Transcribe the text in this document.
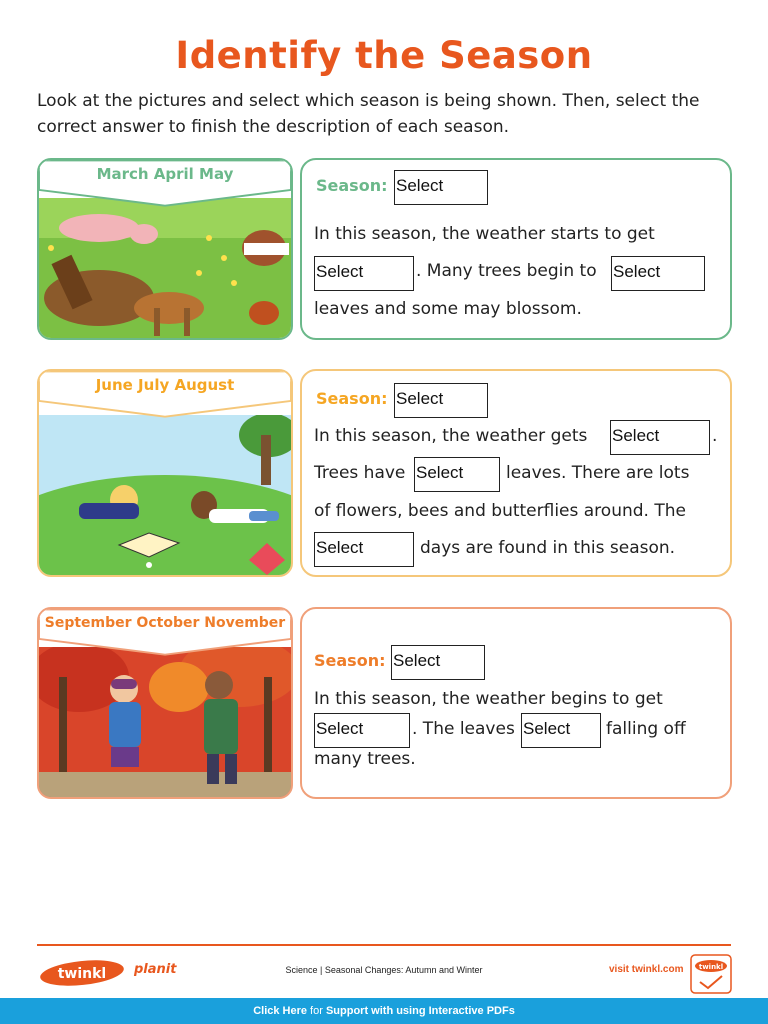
Identify the Season
Look at the pictures and select which season is being shown. Then, select the correct answer to finish the description of each season.
March April May
Season: Select
In this season, the weather starts to get
Select	. Many trees begin to Select
leaves and some may blossom.
June July August
Season: Select
In this season, the weather gets Select	.
Trees have Select	leaves. There are lots
of flowers, bees and butterflies around. The
Select	days are found in this season.
September October November
Season: Select
In this season, the weather begins to get
Select	. The leaves Select	falling off
many trees.
twinkl planit	Science | Seasonal Changes: Autumn and Winter	visit twinkl.com twinkl
Click Here for Support with using Interactive PDFs
